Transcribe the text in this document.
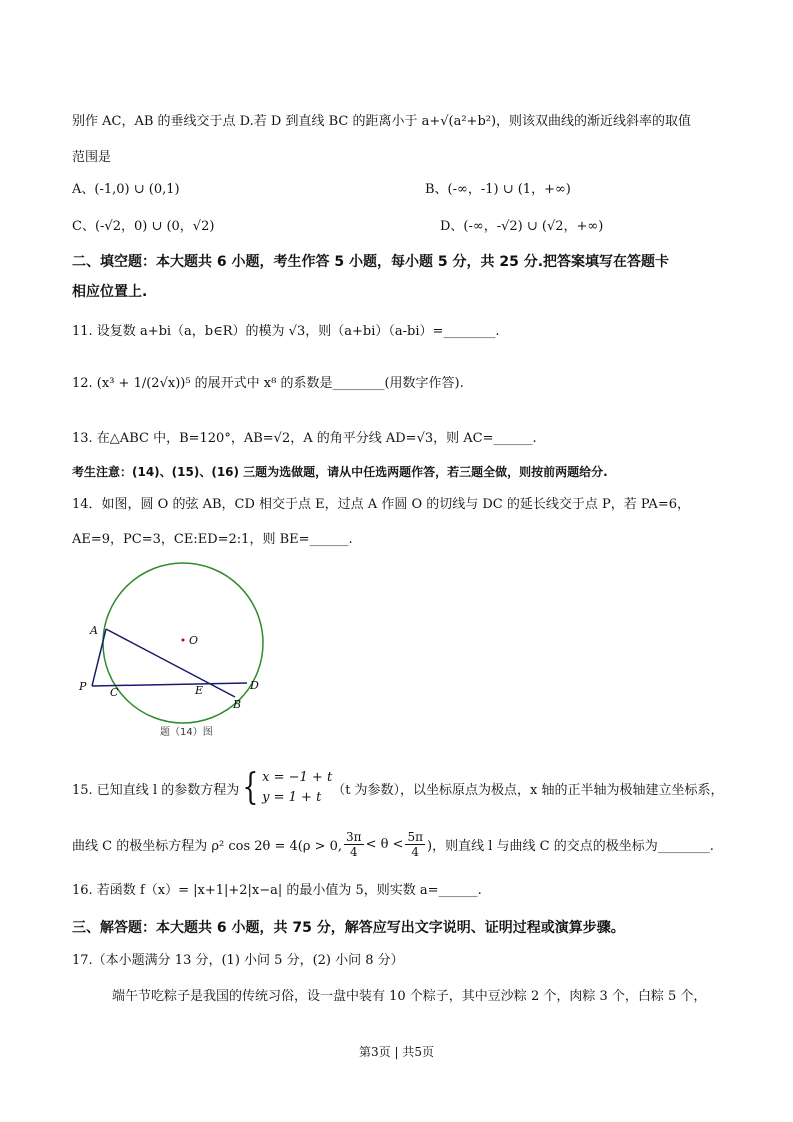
别作 AC，AB 的垂线交于点 D.若 D 到直线 BC 的距离小于 a+√(a²+b²)，则该双曲线的渐近线斜率的取值
范围是
A、(-1,0) ∪ (0,1)	B、(-∞，-1) ∪ (1，+∞)
C、(-√2，0) ∪ (0，√2)	D、(-∞，-√2) ∪ (√2，+∞)
二、填空题：本大题共 6 小题，考生作答 5 小题，每小题 5 分，共 25 分.把答案填写在答题卡
相应位置上.
11. 设复数 a+bi（a，b∈R）的模为 √3，则（a+bi）（a-bi）=________.
12. (x³ + 1/(2√x))⁵ 的展开式中 x⁸ 的系数是________(用数字作答).
13. 在△ABC 中，B=120°，AB=√2，A 的角平分线 AD=√3，则 AC=______.
考生注意：(14)、(15)、(16) 三题为选做题，请从中任选两题作答，若三题全做，则按前两题给分.
14．如图，圆 O 的弦 AB，CD 相交于点 E，过点 A 作圆 O 的切线与 DC 的延长线交于点 P，若 PA=6，
AE=9，PC=3，CE:ED=2:1，则 BE=______.
A
O
P C	E	D
B
题（14）图
15. 已知直线 l 的参数方程为 { x = −1 + t
y = 1 + t （t 为参数），以坐标原点为极点，x 轴的正半轴为极轴建立坐标系，
曲线 C 的极坐标方程为 ρ² cos 2θ = 4(ρ > 0, $\frac{3\pi}{4} < \theta < \frac{5\pi}{4}$ )，则直线 l 与曲线 C 的交点的极坐标为________.
16. 若函数 f（x）= |x+1|+2|x−a| 的最小值为 5，则实数 a=______.
三、解答题：本大题共 6 小题，共 75 分，解答应写出文字说明、证明过程或演算步骤。
17.（本小题满分 13 分，(1) 小问 5 分，(2) 小问 8 分）
端午节吃粽子是我国的传统习俗，设一盘中装有 10 个粽子，其中豆沙粽 2 个，肉粽 3 个，白粽 5 个，
第3页 | 共5页
